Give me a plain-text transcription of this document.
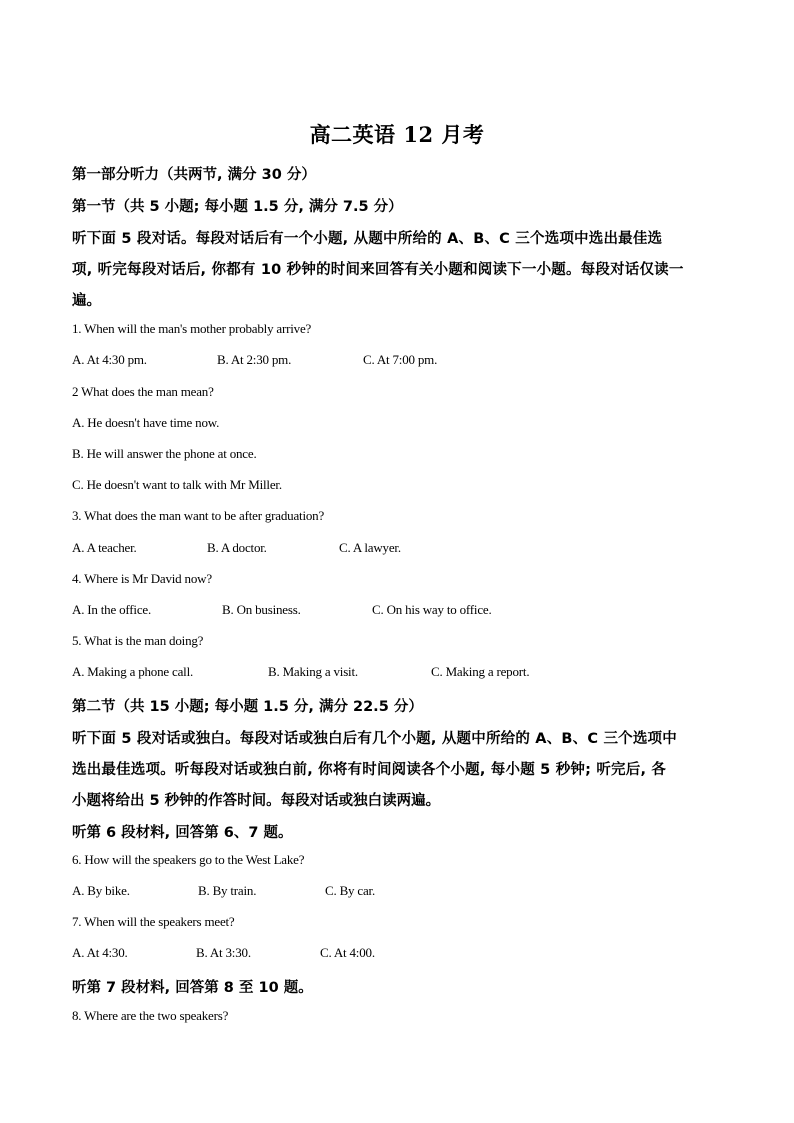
高二英语 12 月考
第一部分听力（共两节, 满分 30 分）
第一节（共 5 小题; 每小题 1.5 分, 满分 7.5 分）
听下面 5 段对话。每段对话后有一个小题, 从题中所给的 A、B、C 三个选项中选出最佳选
项, 听完每段对话后, 你都有 10 秒钟的时间来回答有关小题和阅读下一小题。每段对话仅读一
遍。
1. When will the man's mother probably arrive?
A. At 4:30 pm.	B. At 2:30 pm.	C. At 7:00 pm.
2 What does the man mean?
A. He doesn't have time now.
B. He will answer the phone at once.
C. He doesn't want to talk with Mr Miller.
3. What does the man want to be after graduation?
A. A teacher.	B. A doctor.	C. A lawyer.
4. Where is Mr David now?
A. In the office.	B. On business.	C. On his way to office.
5. What is the man doing?
A. Making a phone call.	B. Making a visit.	C. Making a report.
第二节（共 15 小题; 每小题 1.5 分, 满分 22.5 分）
听下面 5 段对话或独白。每段对话或独白后有几个小题, 从题中所给的 A、B、C 三个选项中
选出最佳选项。听每段对话或独白前, 你将有时间阅读各个小题, 每小题 5 秒钟; 听完后, 各
小题将给出 5 秒钟的作答时间。每段对话或独白读两遍。
听第 6 段材料, 回答第 6、7 题。
6. How will the speakers go to the West Lake?
A. By bike.	B. By train.	C. By car.
7. When will the speakers meet?
A. At 4:30.	B. At 3:30.	C. At 4:00.
听第 7 段材料, 回答第 8 至 10 题。
8. Where are the two speakers?
